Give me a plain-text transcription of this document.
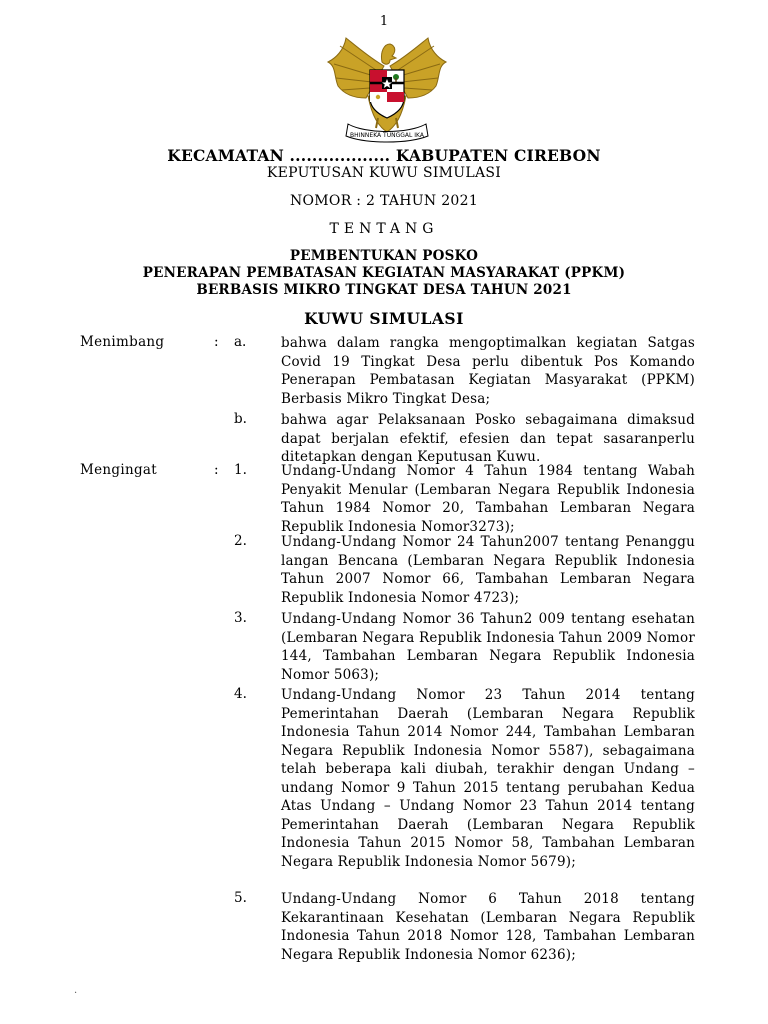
1
BHINNEKA TUNGGAL IKA
KECAMATAN .................. KABUPATEN CIREBON
KEPUTUSAN KUWU SIMULASI
NOMOR : 2 TAHUN 2021
TENTANG
PEMBENTUKAN POSKO
PENERAPAN PEMBATASAN KEGIATAN MASYARAKAT (PPKM)
BERBASIS MIKRO TINGKAT DESA TAHUN 2021
KUWU SIMULASI
Menimbang	: a.	bahwa dalam rangka mengoptimalkan kegiatan Satgas Covid 19 Tingkat Desa perlu dibentuk Pos Komando Penerapan Pembatasan Kegiatan Masyarakat (PPKM) Berbasis Mikro Tingkat Desa;
b.	bahwa agar Pelaksanaan Posko sebagaimana dimaksud dapat berjalan efektif, efesien dan tepat sasaranperlu ditetapkan dengan Keputusan Kuwu.
Mengingat	: 1.	Undang-Undang Nomor 4 Tahun 1984 tentang Wabah Penyakit Menular (Lembaran Negara Republik Indonesia Tahun 1984 Nomor 20, Tambahan Lembaran Negara Republik Indonesia Nomor3273);
2.	Undang-Undang Nomor 24 Tahun2007 tentang Penanggu langan Bencana (Lembaran Negara Republik Indonesia Tahun 2007 Nomor 66, Tambahan Lembaran Negara Republik Indonesia Nomor 4723);
3.	Undang-Undang Nomor 36 Tahun2 009 tentang esehatan (Lembaran Negara Republik Indonesia Tahun 2009 Nomor 144, Tambahan Lembaran Negara Republik Indonesia Nomor 5063);
4.	Undang-Undang Nomor 23 Tahun 2014 tentang Pemerintahan Daerah (Lembaran Negara Republik Indonesia Tahun 2014 Nomor 244, Tambahan Lembaran Negara Republik Indonesia Nomor 5587), sebagaimana telah beberapa kali diubah, terakhir dengan Undang – undang Nomor 9 Tahun 2015 tentang perubahan Kedua Atas Undang – Undang Nomor 23 Tahun 2014 tentang Pemerintahan Daerah (Lembaran Negara Republik Indonesia Tahun 2015 Nomor 58, Tambahan Lembaran Negara Republik Indonesia Nomor 5679);
5.	Undang-Undang Nomor 6 Tahun 2018 tentang Kekarantinaan Kesehatan (Lembaran Negara Republik Indonesia Tahun 2018 Nomor 128, Tambahan Lembaran Negara Republik Indonesia Nomor 6236);
.
